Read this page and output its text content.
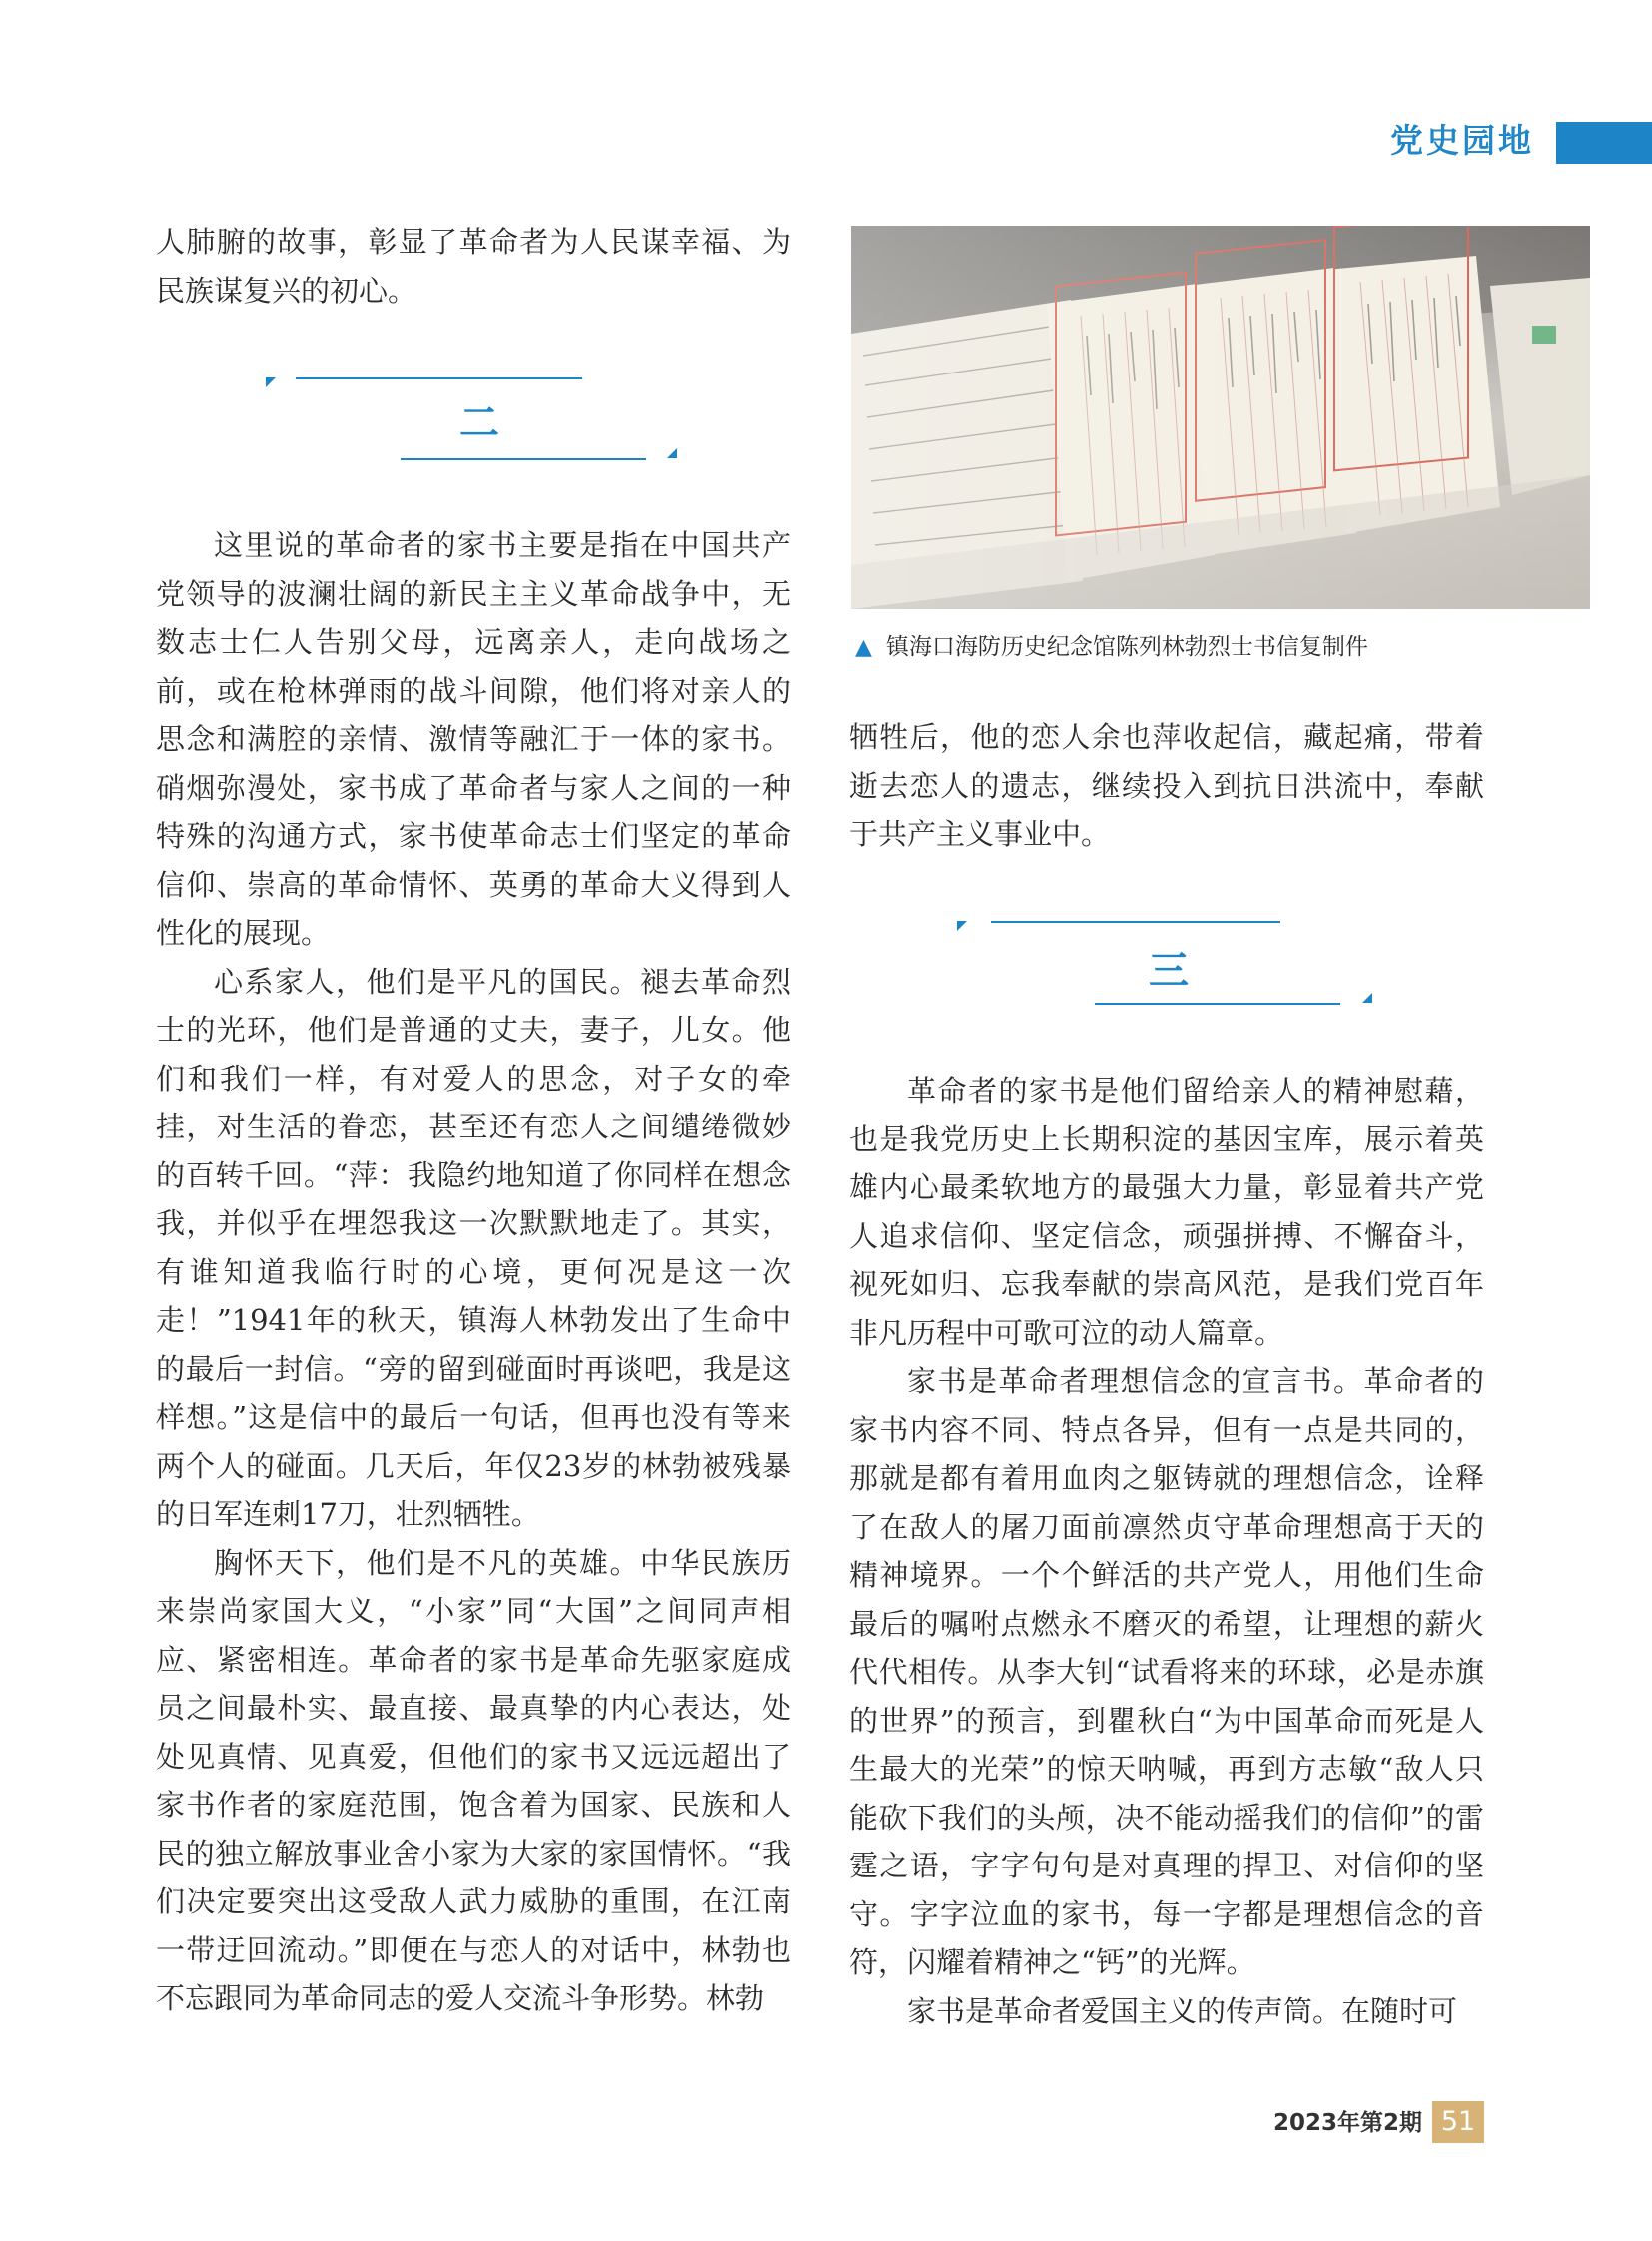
党史园地

人肺腑的故事，彰显了革命者为人民谋幸福、为民族谋复兴的初心。

二

这里说的革命者的家书主要是指在中国共产党领导的波澜壮阔的新民主主义革命战争中，无数志士仁人告别父母，远离亲人，走向战场之前，或在枪林弹雨的战斗间隙，他们将对亲人的思念和满腔的亲情、激情等融汇于一体的家书。硝烟弥漫处，家书成了革命者与家人之间的一种特殊的沟通方式，家书使革命志士们坚定的革命信仰、崇高的革命情怀、英勇的革命大义得到人性化的展现。

心系家人，他们是平凡的国民。褪去革命烈士的光环，他们是普通的丈夫，妻子，儿女。他们和我们一样，有对爱人的思念，对子女的牵挂，对生活的眷恋，甚至还有恋人之间缱绻微妙的百转千回。“萍：我隐约地知道了你同样在想念我，并似乎在埋怨我这一次默默地走了。其实，有谁知道我临行时的心境，更何况是这一次走！”1941年的秋天，镇海人林勃发出了生命中的最后一封信。“旁的留到碰面时再谈吧，我是这样想。”这是信中的最后一句话，但再也没有等来两个人的碰面。几天后，年仅23岁的林勃被残暴的日军连刺17刀，壮烈牺牲。

胸怀天下，他们是不凡的英雄。中华民族历来崇尚家国大义，“小家”同“大国”之间同声相应、紧密相连。革命者的家书是革命先驱家庭成员之间最朴实、最直接、最真挚的内心表达，处处见真情、见真爱，但他们的家书又远远超出了家书作者的家庭范围，饱含着为国家、民族和人民的独立解放事业舍小家为大家的家国情怀。“我们决定要突出这受敌人武力威胁的重围，在江南一带迂回流动。”即便在与恋人的对话中，林勃也不忘跟同为革命同志的爱人交流斗争形势。林勃

▲ 镇海口海防历史纪念馆陈列林勃烈士书信复制件

牺牲后，他的恋人余也萍收起信，藏起痛，带着逝去恋人的遗志，继续投入到抗日洪流中，奉献于共产主义事业中。

三

革命者的家书是他们留给亲人的精神慰藉，也是我党历史上长期积淀的基因宝库，展示着英雄内心最柔软地方的最强大力量，彰显着共产党人追求信仰、坚定信念，顽强拼搏、不懈奋斗，视死如归、忘我奉献的崇高风范，是我们党百年非凡历程中可歌可泣的动人篇章。

家书是革命者理想信念的宣言书。革命者的家书内容不同、特点各异，但有一点是共同的，那就是都有着用血肉之躯铸就的理想信念，诠释了在敌人的屠刀面前凛然贞守革命理想高于天的精神境界。一个个鲜活的共产党人，用他们生命最后的嘱咐点燃永不磨灭的希望，让理想的薪火代代相传。从李大钊“试看将来的环球，必是赤旗的世界”的预言，到瞿秋白“为中国革命而死是人生最大的光荣”的惊天呐喊，再到方志敏“敌人只能砍下我们的头颅，决不能动摇我们的信仰”的雷霆之语，字字句句是对真理的捍卫、对信仰的坚守。字字泣血的家书，每一字都是理想信念的音符，闪耀着精神之“钙”的光辉。

家书是革命者爱国主义的传声筒。在随时可

2023年第2期 51
